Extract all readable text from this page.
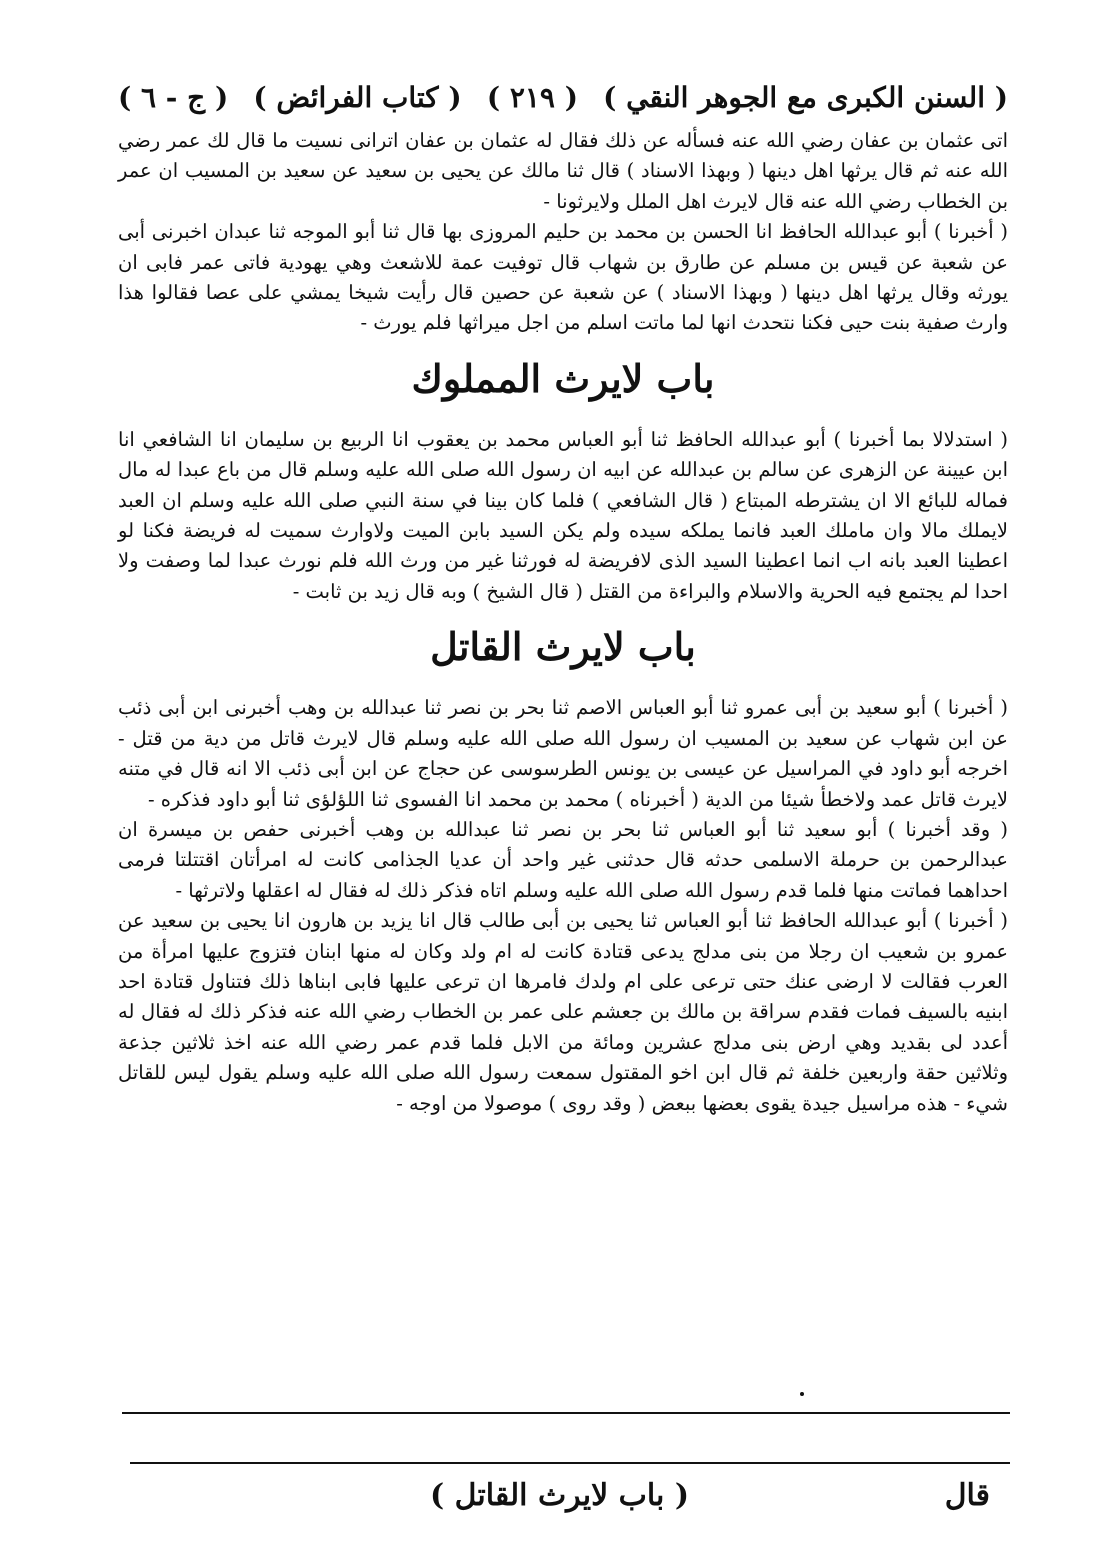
( السنن الكبرى مع الجوهر النقي )
( ٢١٩ )
( كتاب الفرائض )
( ج - ٦ )

اتى عثمان بن عفان رضي الله عنه فسأله عن ذلك فقال له عثمان بن عفان اترانى نسيت ما قال لك عمر رضي الله عنه ثم قال يرثها اهل دينها ( وبهذا الاسناد ) قال ثنا مالك عن يحيى بن سعيد عن سعيد بن المسيب ان عمر بن الخطاب رضي الله عنه قال لايرث اهل الملل ولايرثونا -

( أخبرنا ) أبو عبدالله الحافظ انا الحسن بن محمد بن حليم المروزى بها قال ثنا أبو الموجه ثنا عبدان اخبرنى أبى عن شعبة عن قيس بن مسلم عن طارق بن شهاب قال توفيت عمة للاشعث وهي يهودية فاتى عمر فابى ان يورثه وقال يرثها اهل دينها ( وبهذا الاسناد ) عن شعبة عن حصين قال رأيت شيخا يمشي على عصا فقالوا هذا وارث صفية بنت حيى فكنا نتحدث انها لما ماتت اسلم من اجل ميراثها فلم يورث -

باب لايرث المملوك

( استدلالا بما أخبرنا ) أبو عبدالله الحافظ ثنا أبو العباس محمد بن يعقوب انا الربيع بن سليمان انا الشافعي انا ابن عيينة عن الزهرى عن سالم بن عبدالله عن ابيه ان رسول الله صلى الله عليه وسلم قال من باع عبدا له مال فماله للبائع الا ان يشترطه المبتاع ( قال الشافعي ) فلما كان بينا في سنة النبي صلى الله عليه وسلم ان العبد لايملك مالا وان ماملك العبد فانما يملكه سيده ولم يكن السيد بابن الميت ولاوارث سميت له فريضة فكنا لو اعطينا العبد بانه اب انما اعطينا السيد الذى لافريضة له فورثنا غير من ورث الله فلم نورث عبدا لما وصفت ولا احدا لم يجتمع فيه الحرية والاسلام والبراءة من القتل ( قال الشيخ ) وبه قال زيد بن ثابت -

باب لايرث القاتل

( أخبرنا ) أبو سعيد بن أبى عمرو ثنا أبو العباس الاصم ثنا بحر بن نصر ثنا عبدالله بن وهب أخبرنى ابن أبى ذئب عن ابن شهاب عن سعيد بن المسيب ان رسول الله صلى الله عليه وسلم قال لايرث قاتل من دية من قتل - اخرجه أبو داود في المراسيل عن عيسى بن يونس الطرسوسى عن حجاج عن ابن أبى ذئب الا انه قال في متنه لايرث قاتل عمد ولاخطأ شيئا من الدية ( أخبرناه ) محمد بن محمد انا الفسوى ثنا اللؤلؤى ثنا أبو داود فذكره -

( وقد أخبرنا ) أبو سعيد ثنا أبو العباس ثنا بحر بن نصر ثنا عبدالله بن وهب أخبرنى حفص بن ميسرة ان عبدالرحمن بن حرملة الاسلمى حدثه قال حدثنى غير واحد أن عديا الجذامى كانت له امرأتان اقتتلتا فرمى احداهما فماتت منها فلما قدم رسول الله صلى الله عليه وسلم اتاه فذكر ذلك له فقال له اعقلها ولاترثها -

( أخبرنا ) أبو عبدالله الحافظ ثنا أبو العباس ثنا يحيى بن أبى طالب قال انا يزيد بن هارون انا يحيى بن سعيد عن عمرو بن شعيب ان رجلا من بنى مدلج يدعى قتادة كانت له ام ولد وكان له منها ابنان فتزوج عليها امرأة من العرب فقالت لا ارضى عنك حتى ترعى على ام ولدك فامرها ان ترعى عليها فابى ابناها ذلك فتناول قتادة احد ابنيه بالسيف فمات فقدم سراقة بن مالك بن جعشم على عمر بن الخطاب رضي الله عنه فذكر ذلك له فقال له أعدد لى بقديد وهي ارض بنى مدلج عشرين ومائة من الابل فلما قدم عمر رضي الله عنه اخذ ثلاثين جذعة وثلاثين حقة واربعين خلفة ثم قال ابن اخو المقتول سمعت رسول الله صلى الله عليه وسلم يقول ليس للقاتل شيء - هذه مراسيل جيدة يقوى بعضها ببعض ( وقد روى ) موصولا من اوجه -

قال
( باب لايرث القاتل )
